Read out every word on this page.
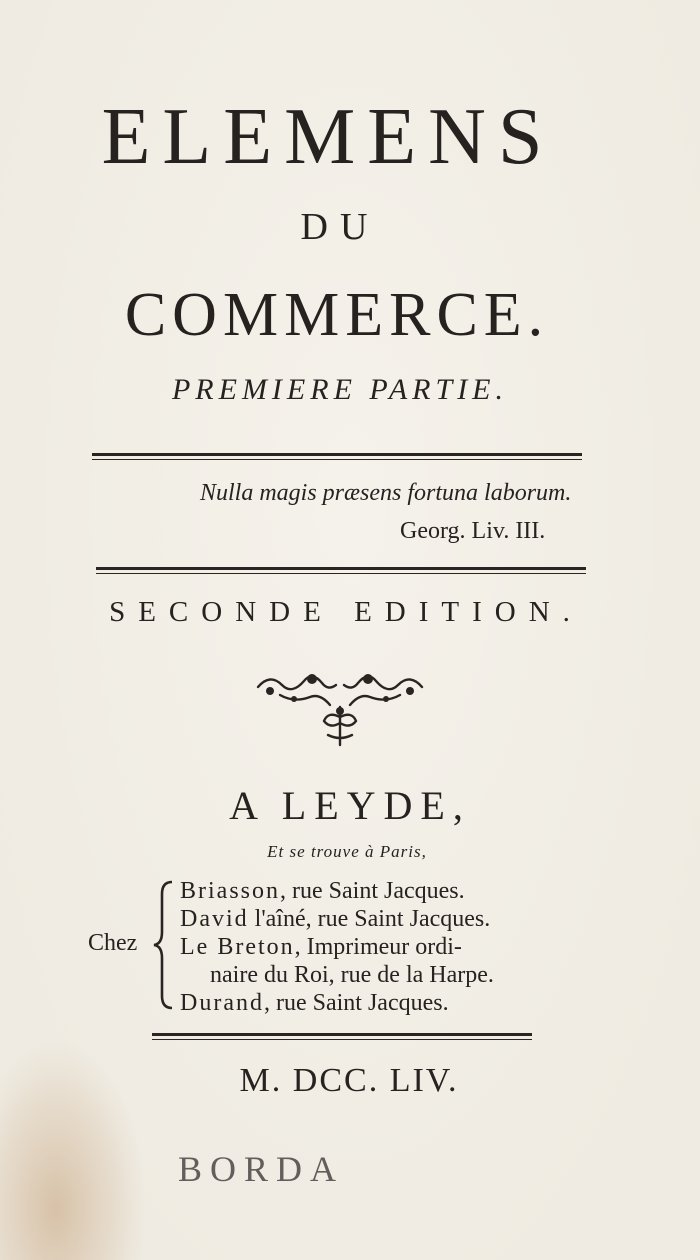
ELEMENS
DU
COMMERCE.
PREMIERE PARTIE.
Nulla magis præsens fortuna laborum.
Georg. Liv. III.
SECONDE EDITION.
A LEYDE,
Et se trouve à Paris,
Chez
Briasson, rue Saint Jacques.
David l'aîné, rue Saint Jacques.
Le Breton, Imprimeur ordi-
naire du Roi, rue de la Harpe.
Durand, rue Saint Jacques.
M. DCC. LIV.
BORDA
